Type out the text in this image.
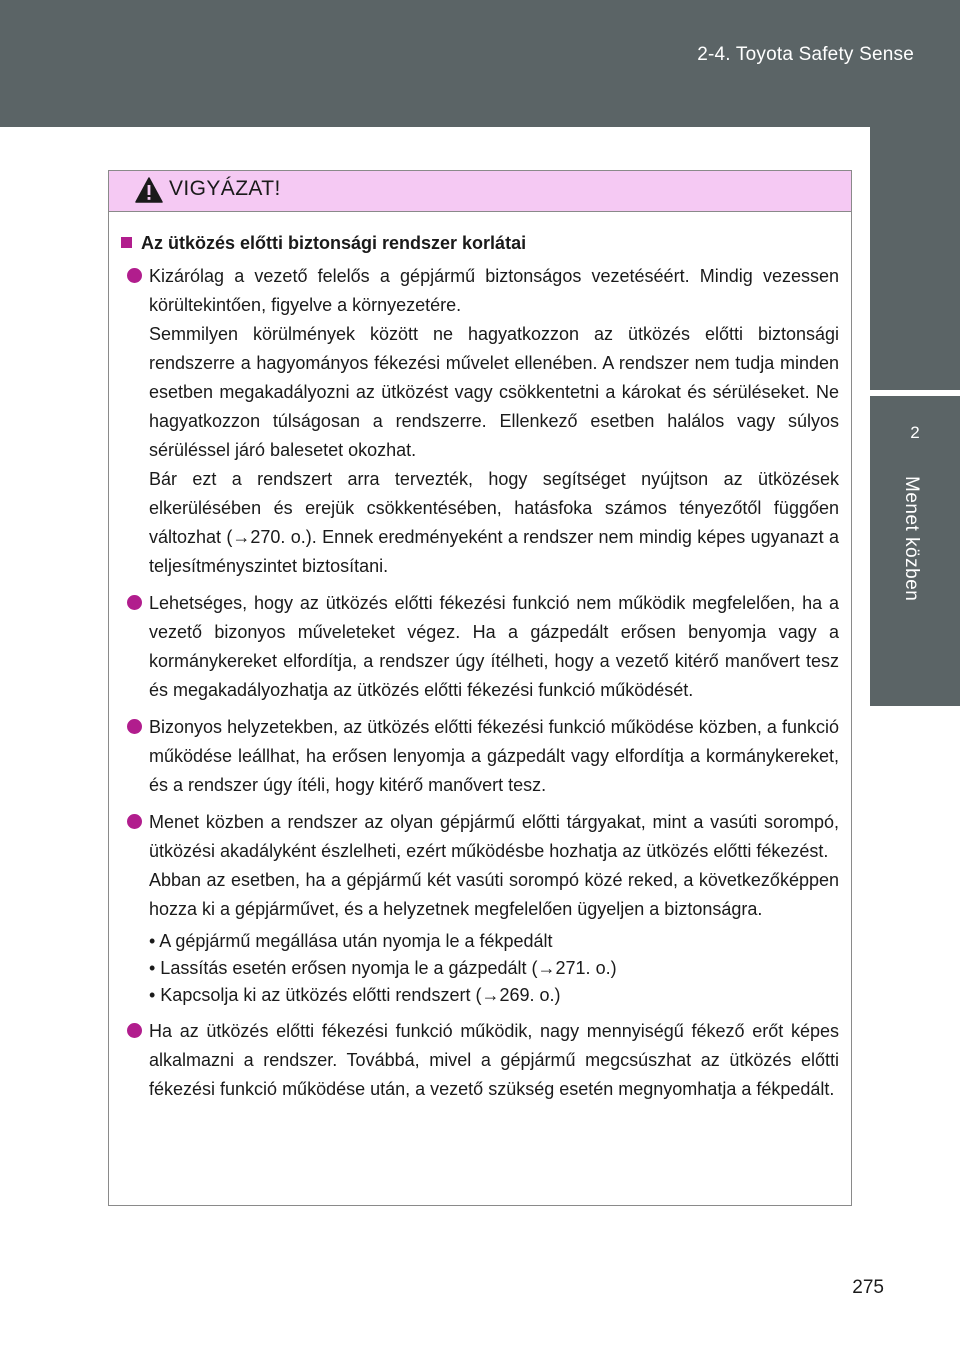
2-4. Toyota Safety Sense
2
Menet közben
VIGYÁZAT!
Az ütközés előtti biztonsági rendszer korlátai

Kizárólag a vezető felelős a gépjármű biztonságos vezetéséért. Mindig vezessen körültekintően, figyelve a környezetére.

Semmilyen körülmények között ne hagyatkozzon az ütközés előtti biztonsági rendszerre a hagyományos fékezési művelet ellenében. A rendszer nem tudja minden esetben megakadályozni az ütközést vagy csökkentetni a károkat és sérüléseket. Ne hagyatkozzon túlságosan a rendszerre. Ellenkező esetben halálos vagy súlyos sérüléssel járó balesetet okozhat.

Bár ezt a rendszert arra tervezték, hogy segítséget nyújtson az ütközések elkerülésében és erejük csökkentésében, hatásfoka számos tényezőtől függően változhat (→270. o.). Ennek eredményeként a rendszer nem mindig képes ugyanazt a teljesítményszintet biztosítani.

Lehetséges, hogy az ütközés előtti fékezési funkció nem működik megfelelően, ha a vezető bizonyos műveleteket végez. Ha a gázpedált erősen benyomja vagy a kormánykereket elfordítja, a rendszer úgy ítélheti, hogy a vezető kitérő manővert tesz és megakadályozhatja az ütközés előtti fékezési funkció működését.

Bizonyos helyzetekben, az ütközés előtti fékezési funkció működése közben, a funkció működése leállhat, ha erősen lenyomja a gázpedált vagy elfordítja a kormánykereket, és a rendszer úgy ítéli, hogy kitérő manővert tesz.

Menet közben a rendszer az olyan gépjármű előtti tárgyakat, mint a vasúti sorompó, ütközési akadályként észlelheti, ezért működésbe hozhatja az ütközés előtti fékezést.

Abban az esetben, ha a gépjármű két vasúti sorompó közé reked, a következőképpen hozza ki a gépjárművet, és a helyzetnek megfelelően ügyeljen a biztonságra.

• A gépjármű megállása után nyomja le a fékpedált

• Lassítás esetén erősen nyomja le a gázpedált (→271. o.)

• Kapcsolja ki az ütközés előtti rendszert (→269. o.)

Ha az ütközés előtti fékezési funkció működik, nagy mennyiségű fékező erőt képes alkalmazni a rendszer. Továbbá, mivel a gépjármű megcsúszhat az ütközés előtti fékezési funkció működése után, a vezető szükség esetén megnyomhatja a fékpedált.

275
